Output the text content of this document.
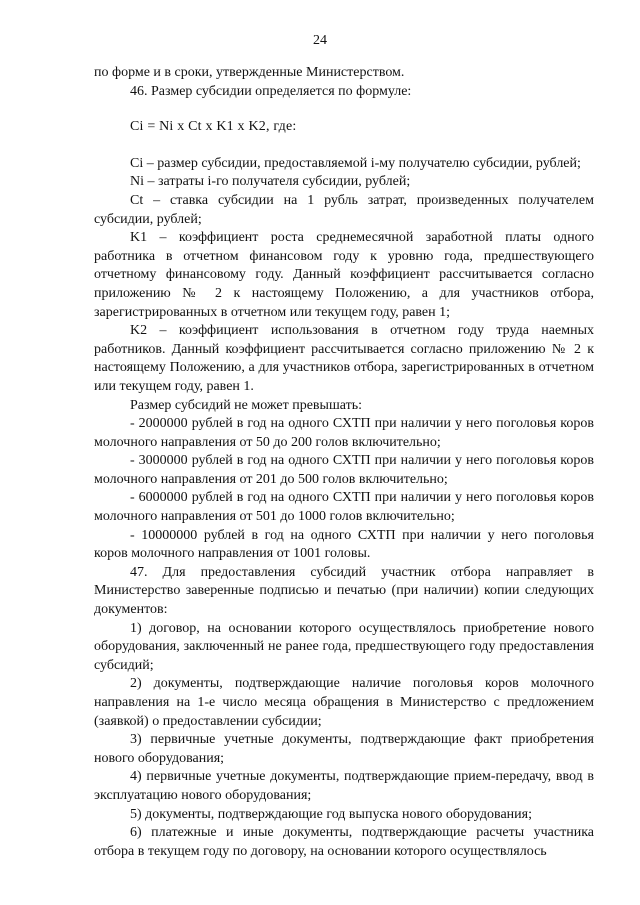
24

по форме и в сроки, утвержденные Министерством.

46. Размер субсидии определяется по формуле:

Ci = Ni x Ct x K1 x K2, где:

Ci – размер субсидии, предоставляемой i-му получателю субсидии, рублей;

Ni – затраты i-го получателя субсидии, рублей;

Ct – ставка субсидии на 1 рубль затрат, произведенных получателем субсидии, рублей;

K1 – коэффициент роста среднемесячной заработной платы одного работника в отчетном финансовом году к уровню года, предшествующего отчетному финансовому году. Данный коэффициент рассчитывается согласно приложению № 2 к настоящему Положению, а для участников отбора, зарегистрированных в отчетном или текущем году, равен 1;

K2 – коэффициент использования в отчетном году труда наемных работников. Данный коэффициент рассчитывается согласно приложению № 2 к настоящему Положению, а для участников отбора, зарегистрированных в отчетном или текущем году, равен 1.

Размер субсидий не может превышать:

- 2000000 рублей в год на одного СХТП при наличии у него поголовья коров молочного направления от 50 до 200 голов включительно;

- 3000000 рублей в год на одного СХТП при наличии у него поголовья коров молочного направления от 201 до 500 голов включительно;

- 6000000 рублей в год на одного СХТП при наличии у него поголовья коров молочного направления от 501 до 1000 голов включительно;

- 10000000 рублей в год на одного СХТП при наличии у него поголовья коров молочного направления от 1001 головы.

47. Для предоставления субсидий участник отбора направляет в Министерство заверенные подписью и печатью (при наличии) копии следующих документов:

1) договор, на основании которого осуществлялось приобретение нового оборудования, заключенный не ранее года, предшествующего году предоставления субсидий;

2) документы, подтверждающие наличие поголовья коров молочного направления на 1-е число месяца обращения в Министерство с предложением (заявкой) о предоставлении субсидии;

3) первичные учетные документы, подтверждающие факт приобретения нового оборудования;

4) первичные учетные документы, подтверждающие прием-передачу, ввод в эксплуатацию нового оборудования;

5) документы, подтверждающие год выпуска нового оборудования;

6) платежные и иные документы, подтверждающие расчеты участника отбора в текущем году по договору, на основании которого осуществлялось
